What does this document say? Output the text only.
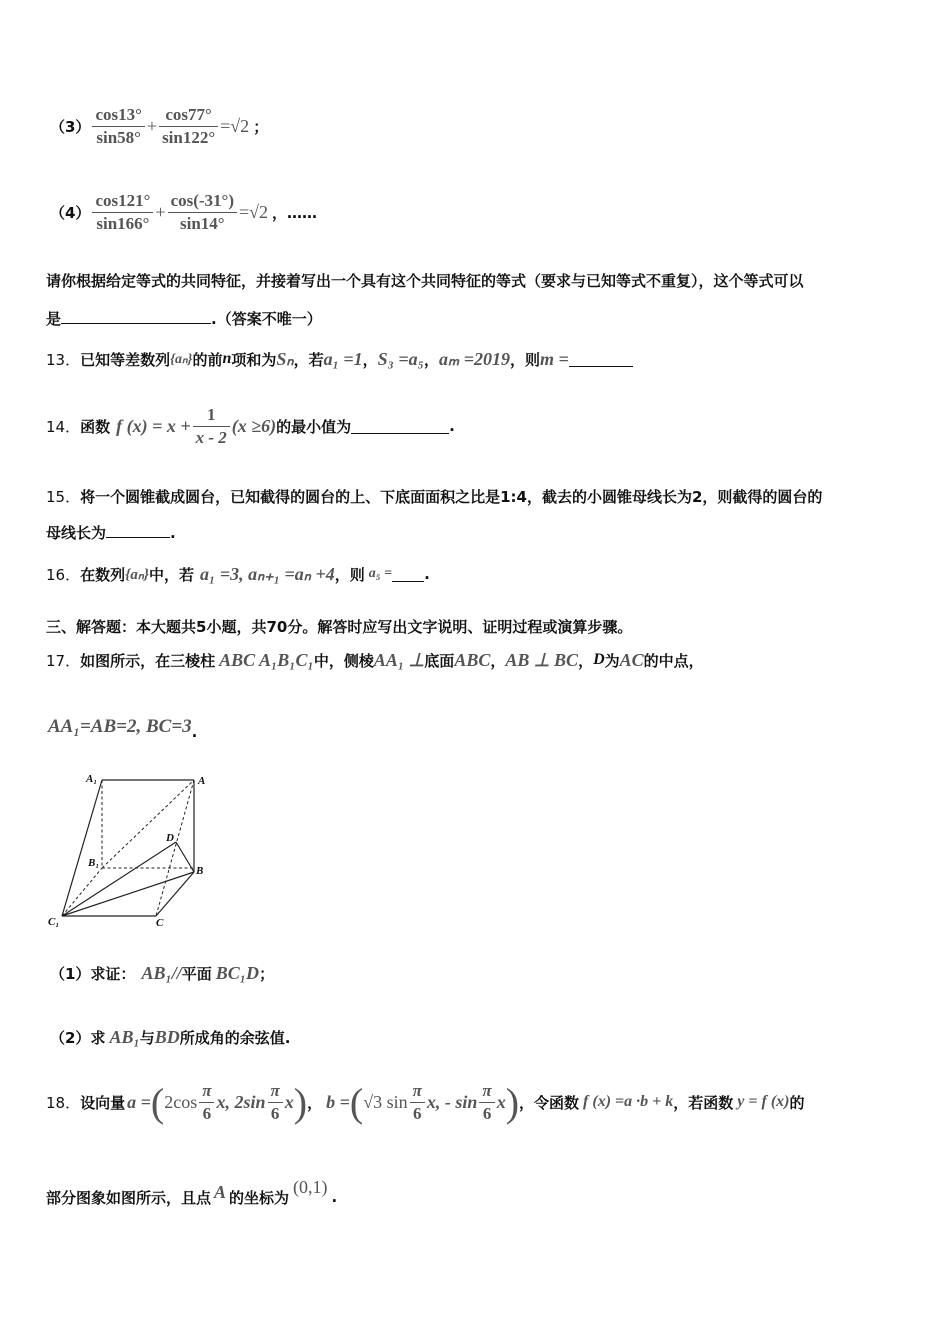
$(3) \frac{\cos 13^\circ}{\sin 58^\circ} + \frac{\cos 77^\circ}{\sin 122^\circ} =√2$ ；
$(4) \frac{\cos 121^\circ}{\sin 166^\circ} + \frac{\cos(-31^\circ)}{\sin 14^\circ} =√2$ ，……
请你根据给定等式的共同特征，并接着写出一个具有这个共同特征的等式（要求与已知等式不重复），这个等式可以
是	.（答案不唯一）
13． 已知等差数列 {aₙ} 的前 n 项和为 Sₙ ，若 a₁ =1 ， S₃ =a₅ ， aₘ =2019 ，则 m =
14． 函数 f $(x) = x + \frac{1}{x - 2} (x \ge 6)$ 的最小值为	.
15．将一个圆锥截成圆台，已知截得的圆台的上、下底面面积之比是1:4，截去的小圆锥母线长为2，则截得的圆台的
母线长为	.
16． 在数列 {aₙ} 中，若 a₁ =3, aₙ₊₁ =aₙ +4 ，则 a₅ = .
三、解答题：本大题共5小题，共70分。解答时应写出文字说明、证明过程或演算步骤。
17． 如图所示，在三棱柱 ABC A₁B₁C₁ 中，侧棱 AA₁ ⊥ 底面 ABC ， AB ⊥ BC ， D 为 AC 的中点，
AA₁=AB=2, BC=3 .
A₁	A
D
B₁
B
C₁	C
（1）求证： AB₁// 平面 BC₁D ；
（2）求 AB₁ 与 BD 所成角的余弦值.
18． 设向量 a = ( $2\cos \frac{\pi}{6} x$, $2\sin \frac{\pi}{6}$ x ) ， b = ( √3 $\sin \frac{\pi}{6} x$, - $\sin \frac{\pi}{6}$ x ) ，令函数 f (x) =a ·b + k ，若函数 y = f (x) 的
部分图象如图所示，且点 A 的坐标为
(0,1)
.
